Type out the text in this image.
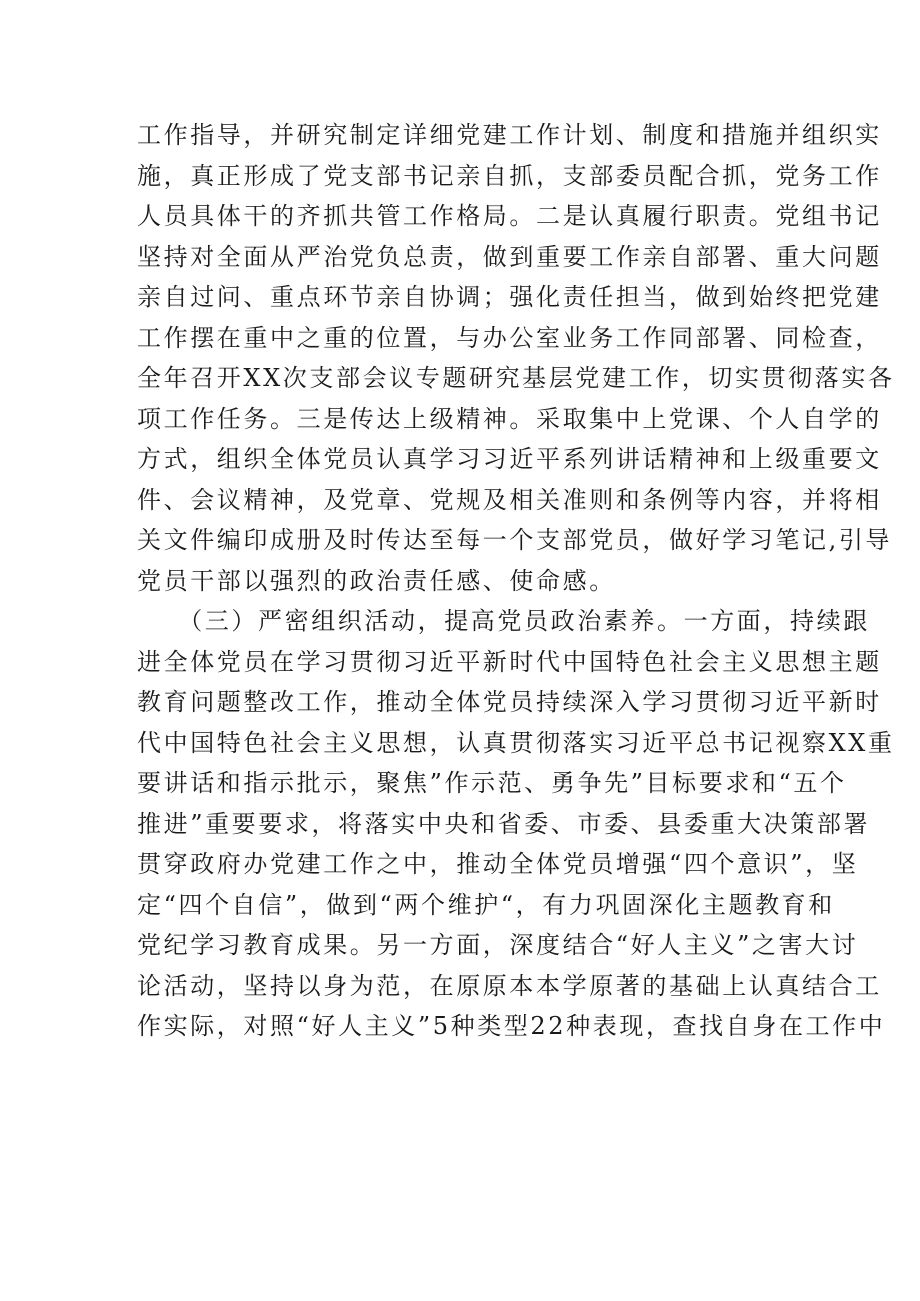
工作指导，并研究制定详细党建工作计划、制度和措施并组织实
施，真正形成了党支部书记亲自抓，支部委员配合抓，党务工作
人员具体干的齐抓共管工作格局。二是认真履行职责。党组书记
坚持对全面从严治党负总责，做到重要工作亲自部署、重大问题
亲自过问、重点环节亲自协调；强化责任担当，做到始终把党建
工作摆在重中之重的位置，与办公室业务工作同部署、同检查，
全年召开XX次支部会议专题研究基层党建工作，切实贯彻落实各
项工作任务。三是传达上级精神。采取集中上党课、个人自学的
方式，组织全体党员认真学习习近平系列讲话精神和上级重要文
件、会议精神，及党章、党规及相关准则和条例等内容，并将相
关文件编印成册及时传达至每一个支部党员，做好学习笔记,引导
党员干部以强烈的政治责任感、使命感。
　　（三）严密组织活动，提高党员政治素养。一方面，持续跟
进全体党员在学习贯彻习近平新时代中国特色社会主义思想主题
教育问题整改工作，推动全体党员持续深入学习贯彻习近平新时
代中国特色社会主义思想，认真贯彻落实习近平总书记视察XX重
要讲话和指示批示，聚焦”作示范、勇争先”目标要求和“五个
推进”重要要求，将落实中央和省委、市委、县委重大决策部署
贯穿政府办党建工作之中，推动全体党员增强“四个意识”，坚
定“四个自信”，做到“两个维护“，有力巩固深化主题教育和
党纪学习教育成果。另一方面，深度结合“好人主义”之害大讨
论活动，坚持以身为范，在原原本本学原著的基础上认真结合工
作实际，对照“好人主义”5种类型22种表现，查找自身在工作中
